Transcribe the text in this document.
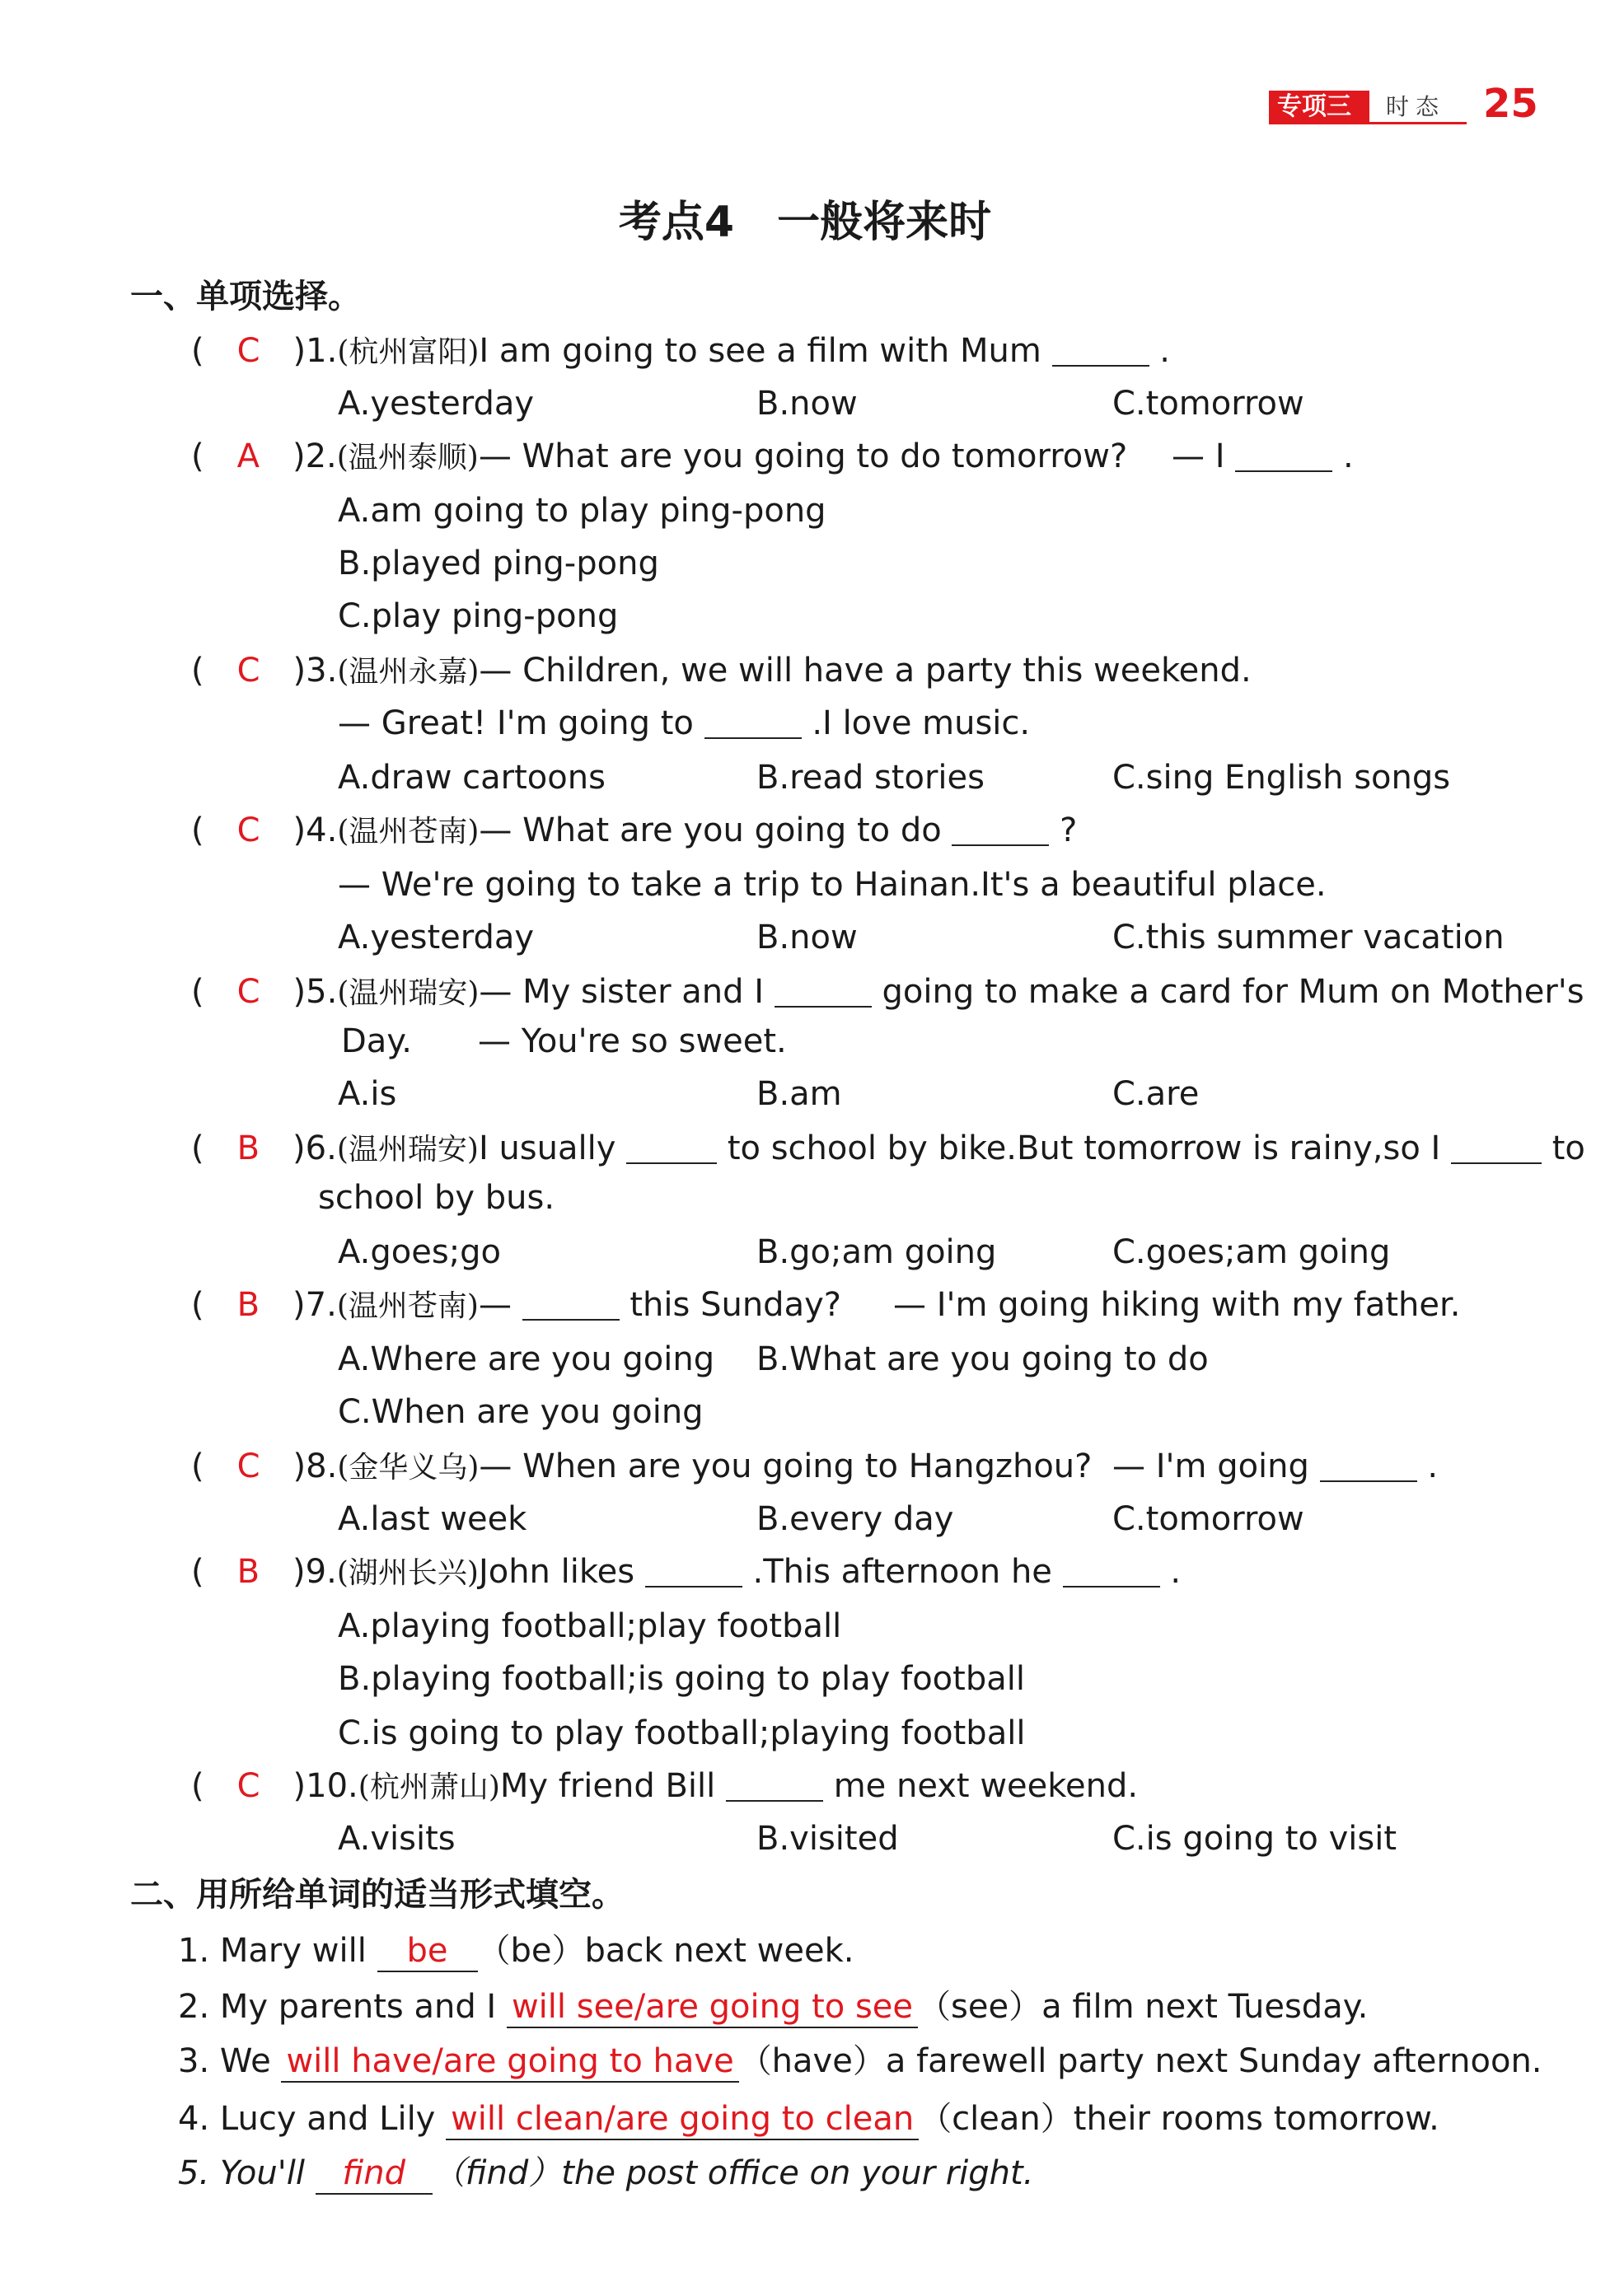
专项三 时态 25
考点4　一般将来时
一、单项选择。
(　C　)1.(杭州富阳)I am going to see a film with Mum	.
A.yesterday	B.now	C.tomorrow
(　A　)2.(温州泰顺)— What are you going to do tomorrow? — I	.
A.am going to play ping-pong
B.played ping-pong
C.play ping-pong
(　C　)3.(温州永嘉)— Children, we will have a party this weekend.
— Great! I'm going to	.I love music.
A.draw cartoons	B.read stories	C.sing English songs
(　C　)4.(温州苍南)— What are you going to do	?
— We're going to take a trip to Hainan.It's a beautiful place.
A.yesterday	B.now	C.this summer vacation
(　C　)5.(温州瑞安)— My sister and I	going to make a card for Mum on Mother's
Day.　　 — You're so sweet.
A.is	B.am	C.are
(　B　)6.(温州瑞安)I usually	to school by bike.But tomorrow is rainy,so I	to
school by bus.
A.goes;go	B.go;am going	C.goes;am going
(　B　)7.(温州苍南)—	this Sunday? — I'm going hiking with my father.
A.Where are you going B.What are you going to do
C.When are you going
(　C　)8.(金华义乌)— When are you going to Hangzhou? — I'm going	.
A.last week	B.every day	C.tomorrow
(　B　)9.(湖州长兴)John likes	.This afternoon he	.
A.playing football;play football
B.playing football;is going to play football
C.is going to play football;playing football
(　C　)10.(杭州萧山)My friend Bill	me next weekend.
A.visits	B.visited	C.is going to visit
二、用所给单词的适当形式填空。
1. Mary will be （be）back next week.
2. My parents and I will see/are going to see （see）a film next Tuesday.
3. We will have/are going to have （have）a farewell party next Sunday afternoon.
4. Lucy and Lily will clean/are going to clean （clean）their rooms tomorrow.
5. You'll find （find）the post office on your right.
